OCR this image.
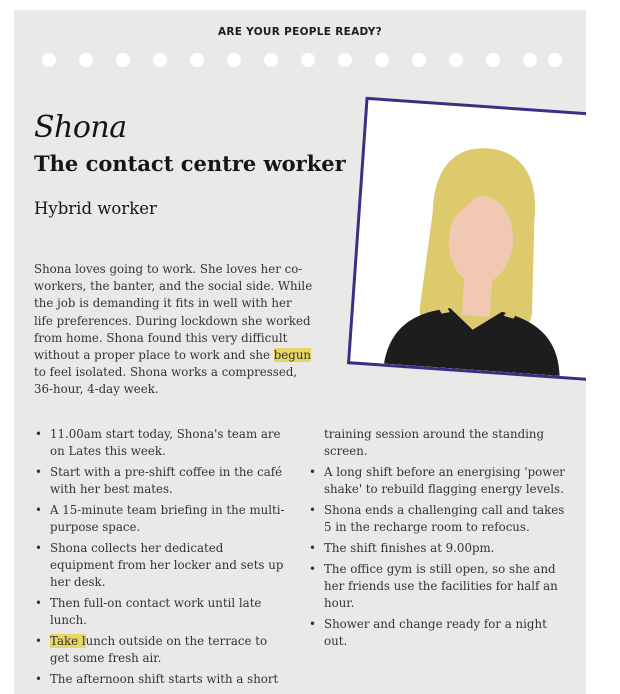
ARE YOUR PEOPLE READY?
Shona
The contact centre worker
Hybrid worker

Shona loves going to work. She loves her co-workers, the banter, and the social side. While the job is demanding it fits in well with her life preferences. During lockdown she worked from home. Shona found this very difficult without a proper place to work and she begun to feel isolated. Shona works a compressed, 36-hour, 4-day week.

• 11.00am start today, Shona's team are on Lates this week.
• Start with a pre-shift coffee in the café with her best mates.
• A 15-minute team briefing in the multi-purpose space.
• Shona collects her dedicated equipment from her locker and sets up her desk.
• Then full-on contact work until late lunch.
• Take lunch outside on the terrace to get some fresh air.
• The afternoon shift starts with a short
training session around the standing screen.
• A long shift before an energising 'power shake' to rebuild flagging energy levels.
• Shona ends a challenging call and takes 5 in the recharge room to refocus.
• The shift finishes at 9.00pm.
• The office gym is still open, so she and her friends use the facilities for half an hour.
• Shower and change ready for a night out.
